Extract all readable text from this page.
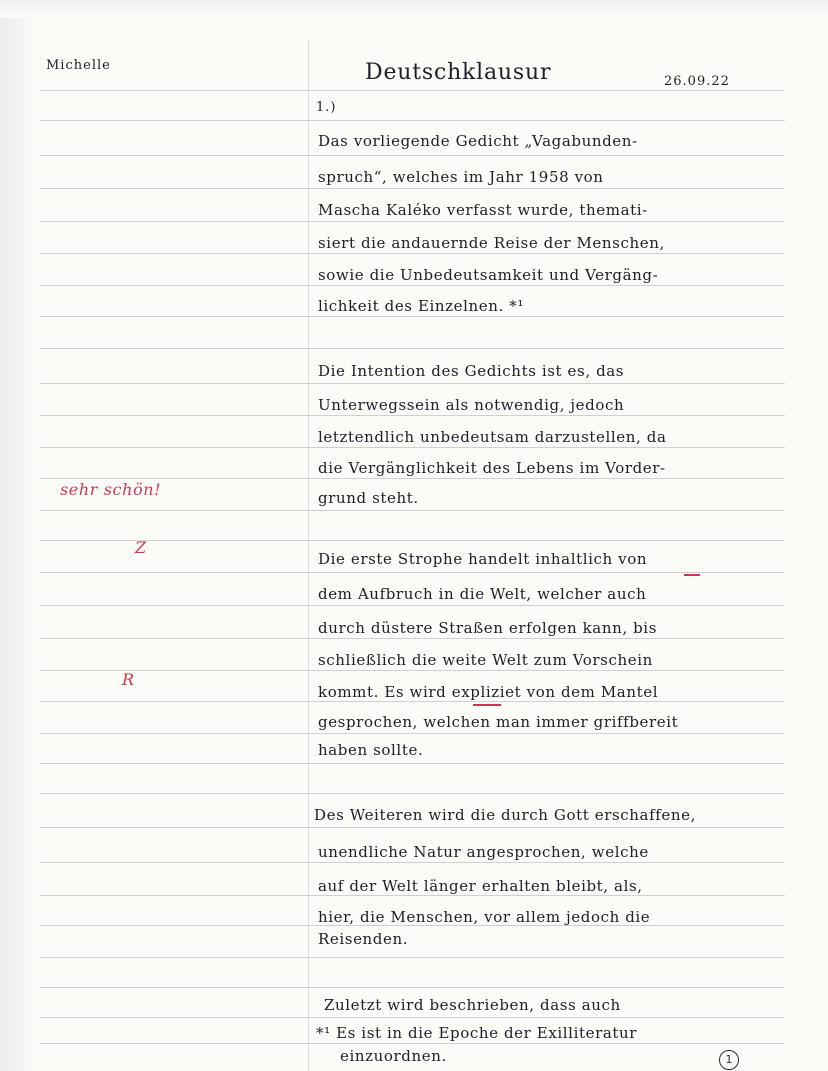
Michelle	Deutschklausur	26.09.22
1.)
Das vorliegende Gedicht „Vagabunden-
spruch“, welches im Jahr 1958 von
Mascha Kaléko verfasst wurde, themati-
siert die andauernde Reise der Menschen,
sowie die Unbedeutsamkeit und Vergäng-
lichkeit des Einzelnen. *¹
Die Intention des Gedichts ist es, das
Unterwegssein als notwendig, jedoch
letztendlich unbedeutsam darzustellen, da
die Vergänglichkeit des Lebens im Vorder-
grund steht.
Die erste Strophe handelt inhaltlich von
dem Aufbruch in die Welt, welcher auch
durch düstere Straßen erfolgen kann, bis
schließlich die weite Welt zum Vorschein
kommt. Es wird expliziet von dem Mantel
gesprochen, welchen man immer griffbereit
haben sollte.
Des Weiteren wird die durch Gott erschaffene,
unendliche Natur angesprochen, welche
auf der Welt länger erhalten bleibt, als,
hier, die Menschen, vor allem jedoch die
Reisenden.
Zuletzt wird beschrieben, dass auch
*¹ Es ist in die Epoche der Exilliteratur
einzuordnen.
sehr schön!
Z
R
1
